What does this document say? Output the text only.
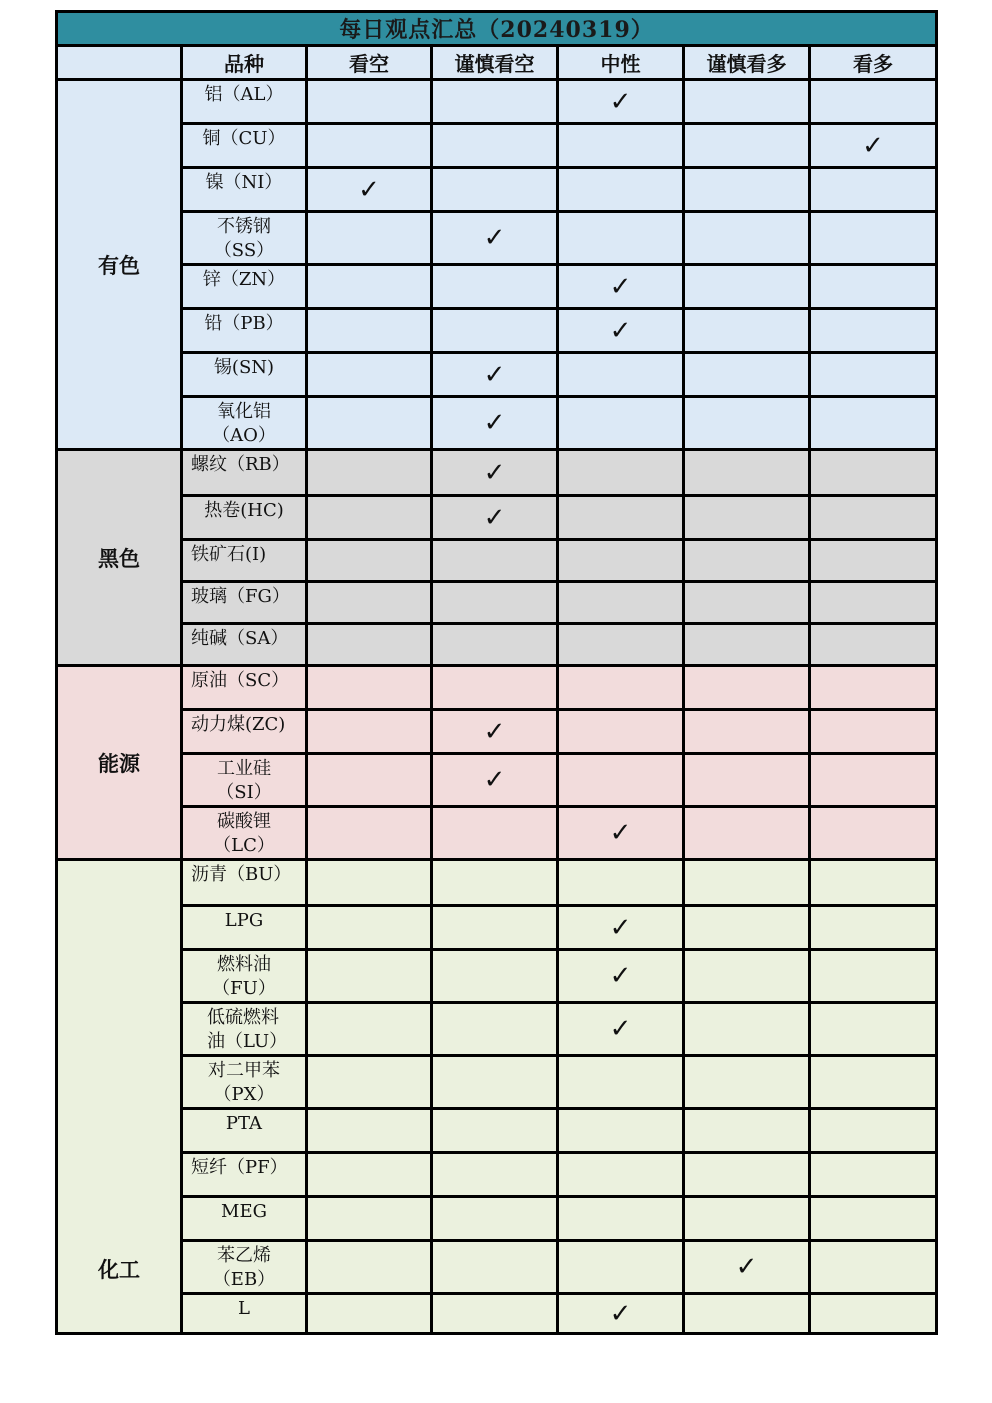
每日观点汇总（20240319）						
	品种	看空	谨慎看空	中性	谨慎看多	看多
有色	铝（AL）			✓		
	铜（CU）					✓
	镍（NI）	✓				
	不锈钢（SS）		✓			
	锌（ZN）			✓		
	铅（PB）			✓		
	锡(SN)		✓			
	氧化铝（AO）		✓			
黑色	螺纹（RB）		✓			
	热卷(HC)		✓			
	铁矿石(I)					
	玻璃（FG）					
	纯碱（SA）					
能源	原油（SC）					
	动力煤(ZC)		✓			
	工业硅（SI）		✓			
	碳酸锂（LC）			✓		
化工	沥青（BU）					
	LPG			✓		
	燃料油（FU）			✓		
	低硫燃料油（LU）			✓		
	对二甲苯（PX）					
	PTA					
	短纤（PF）					
	MEG					
	苯乙烯（EB）				✓	
	L			✓		
